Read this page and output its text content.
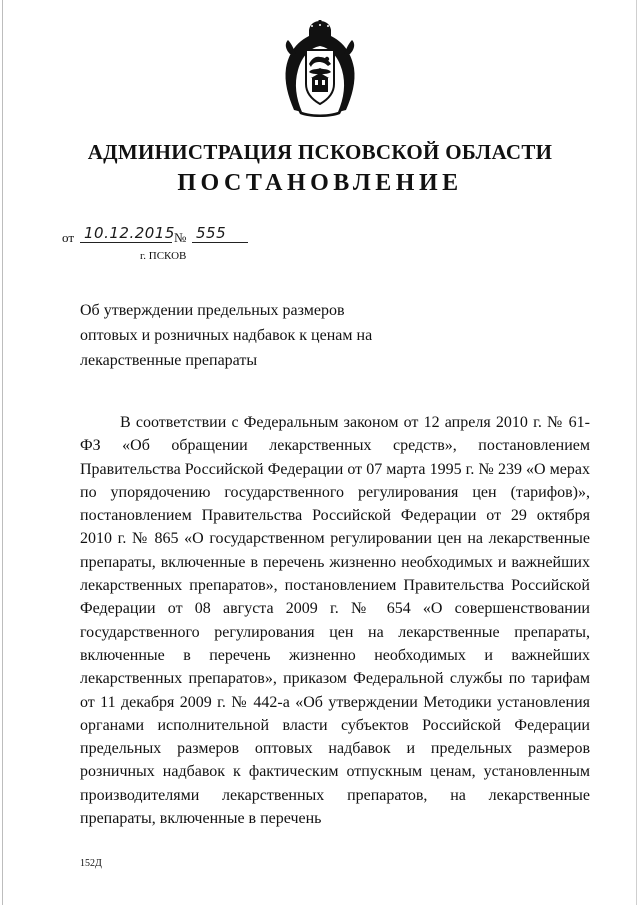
АДМИНИСТРАЦИЯ ПСКОВСКОЙ ОБЛАСТИ
ПОСТАНОВЛЕНИЕ
от 10.12.2015 № 555
г. ПСКОВ
Об утверждении предельных размеров оптовых и розничных надбавок к ценам на лекарственные препараты

В соответствии с Федеральным законом от 12 апреля 2010 г. № 61-ФЗ «Об обращении лекарственных средств», постановлением Правительства Российской Федерации от 07 марта 1995 г. № 239 «О мерах по упорядочению государственного регулирования цен (тарифов)», постановлением Правительства Российской Федерации от 29 октября 2010 г. № 865 «О государственном регулировании цен на лекарственные препараты, включенные в перечень жизненно необходимых и важнейших лекарственных препаратов», постановлением Правительства Российской Федерации от 08 августа 2009 г. № 654 «О совершенствовании государственного регулирования цен на лекарственные препараты, включенные в перечень жизненно необходимых и важнейших лекарственных препаратов», приказом Федеральной службы по тарифам от 11 декабря 2009 г. № 442-а «Об утверждении Методики установления органами исполнительной власти субъектов Российской Федерации предельных размеров оптовых надбавок и предельных размеров розничных надбавок к фактическим отпускным ценам, установленным производителями лекарственных препаратов, на лекарственные препараты, включенные в перечень

152Д
